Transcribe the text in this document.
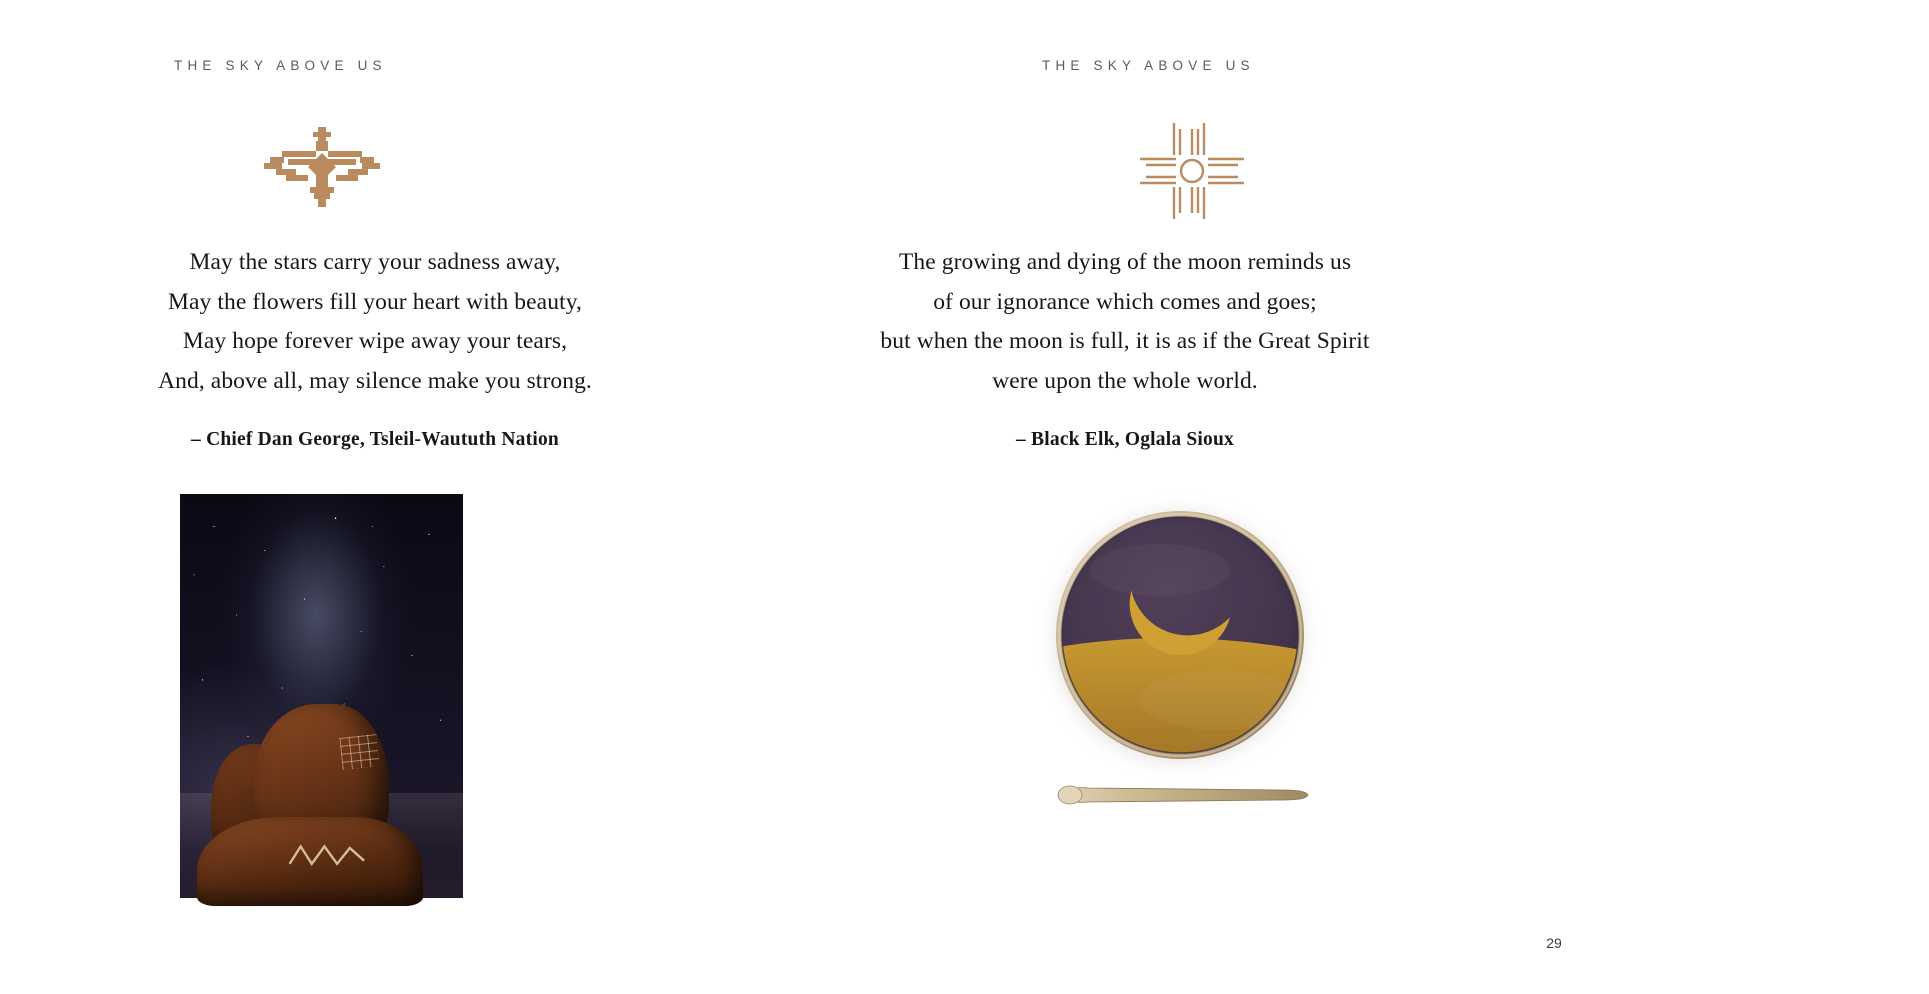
THE SKY ABOVE US
May the stars carry your sadness away,
May the flowers fill your heart with beauty,
May hope forever wipe away your tears,
And, above all, may silence make you strong.
– Chief Dan George, Tsleil-Waututh Nation
THE SKY ABOVE US
The growing and dying of the moon reminds us
of our ignorance which comes and goes;
but when the moon is full, it is as if the Great Spirit
were upon the whole world.
– Black Elk, Oglala Sioux
29
